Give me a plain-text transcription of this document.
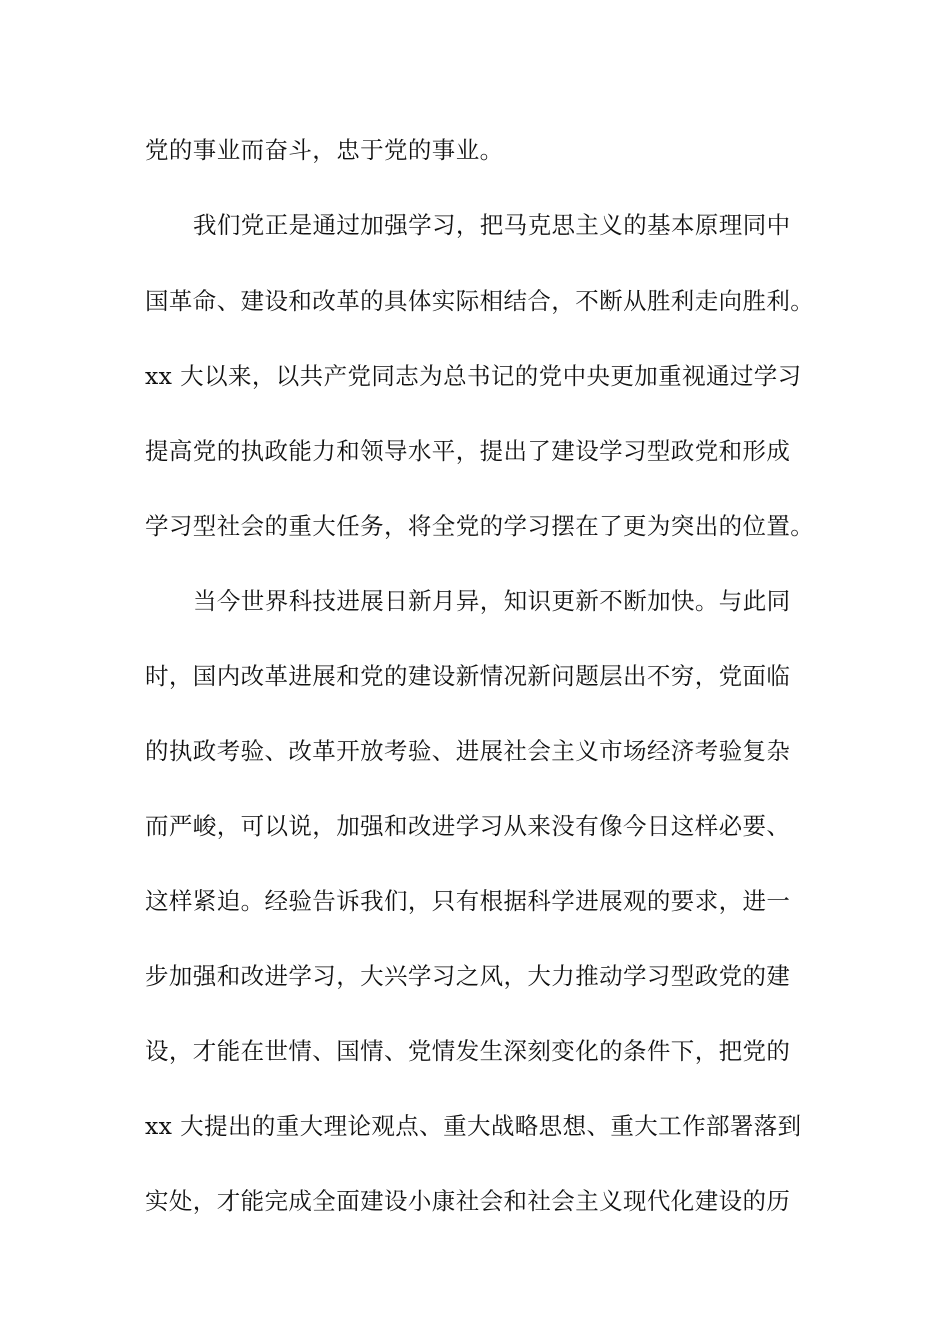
党的事业而奋斗，忠于党的事业。
我们党正是通过加强学习，把马克思主义的基本原理同中
国革命、建设和改革的具体实际相结合，不断从胜利走向胜利。
xx 大以来，以共产党同志为总书记的党中央更加重视通过学习
提高党的执政能力和领导水平，提出了建设学习型政党和形成
学习型社会的重大任务，将全党的学习摆在了更为突出的位置。
当今世界科技进展日新月异，知识更新不断加快。与此同
时，国内改革进展和党的建设新情况新问题层出不穷，党面临
的执政考验、改革开放考验、进展社会主义市场经济考验复杂
而严峻，可以说，加强和改进学习从来没有像今日这样必要、
这样紧迫。经验告诉我们，只有根据科学进展观的要求，进一
步加强和改进学习，大兴学习之风，大力推动学习型政党的建
设，才能在世情、国情、党情发生深刻变化的条件下，把党的
xx 大提出的重大理论观点、重大战略思想、重大工作部署落到
实处，才能完成全面建设小康社会和社会主义现代化建设的历
